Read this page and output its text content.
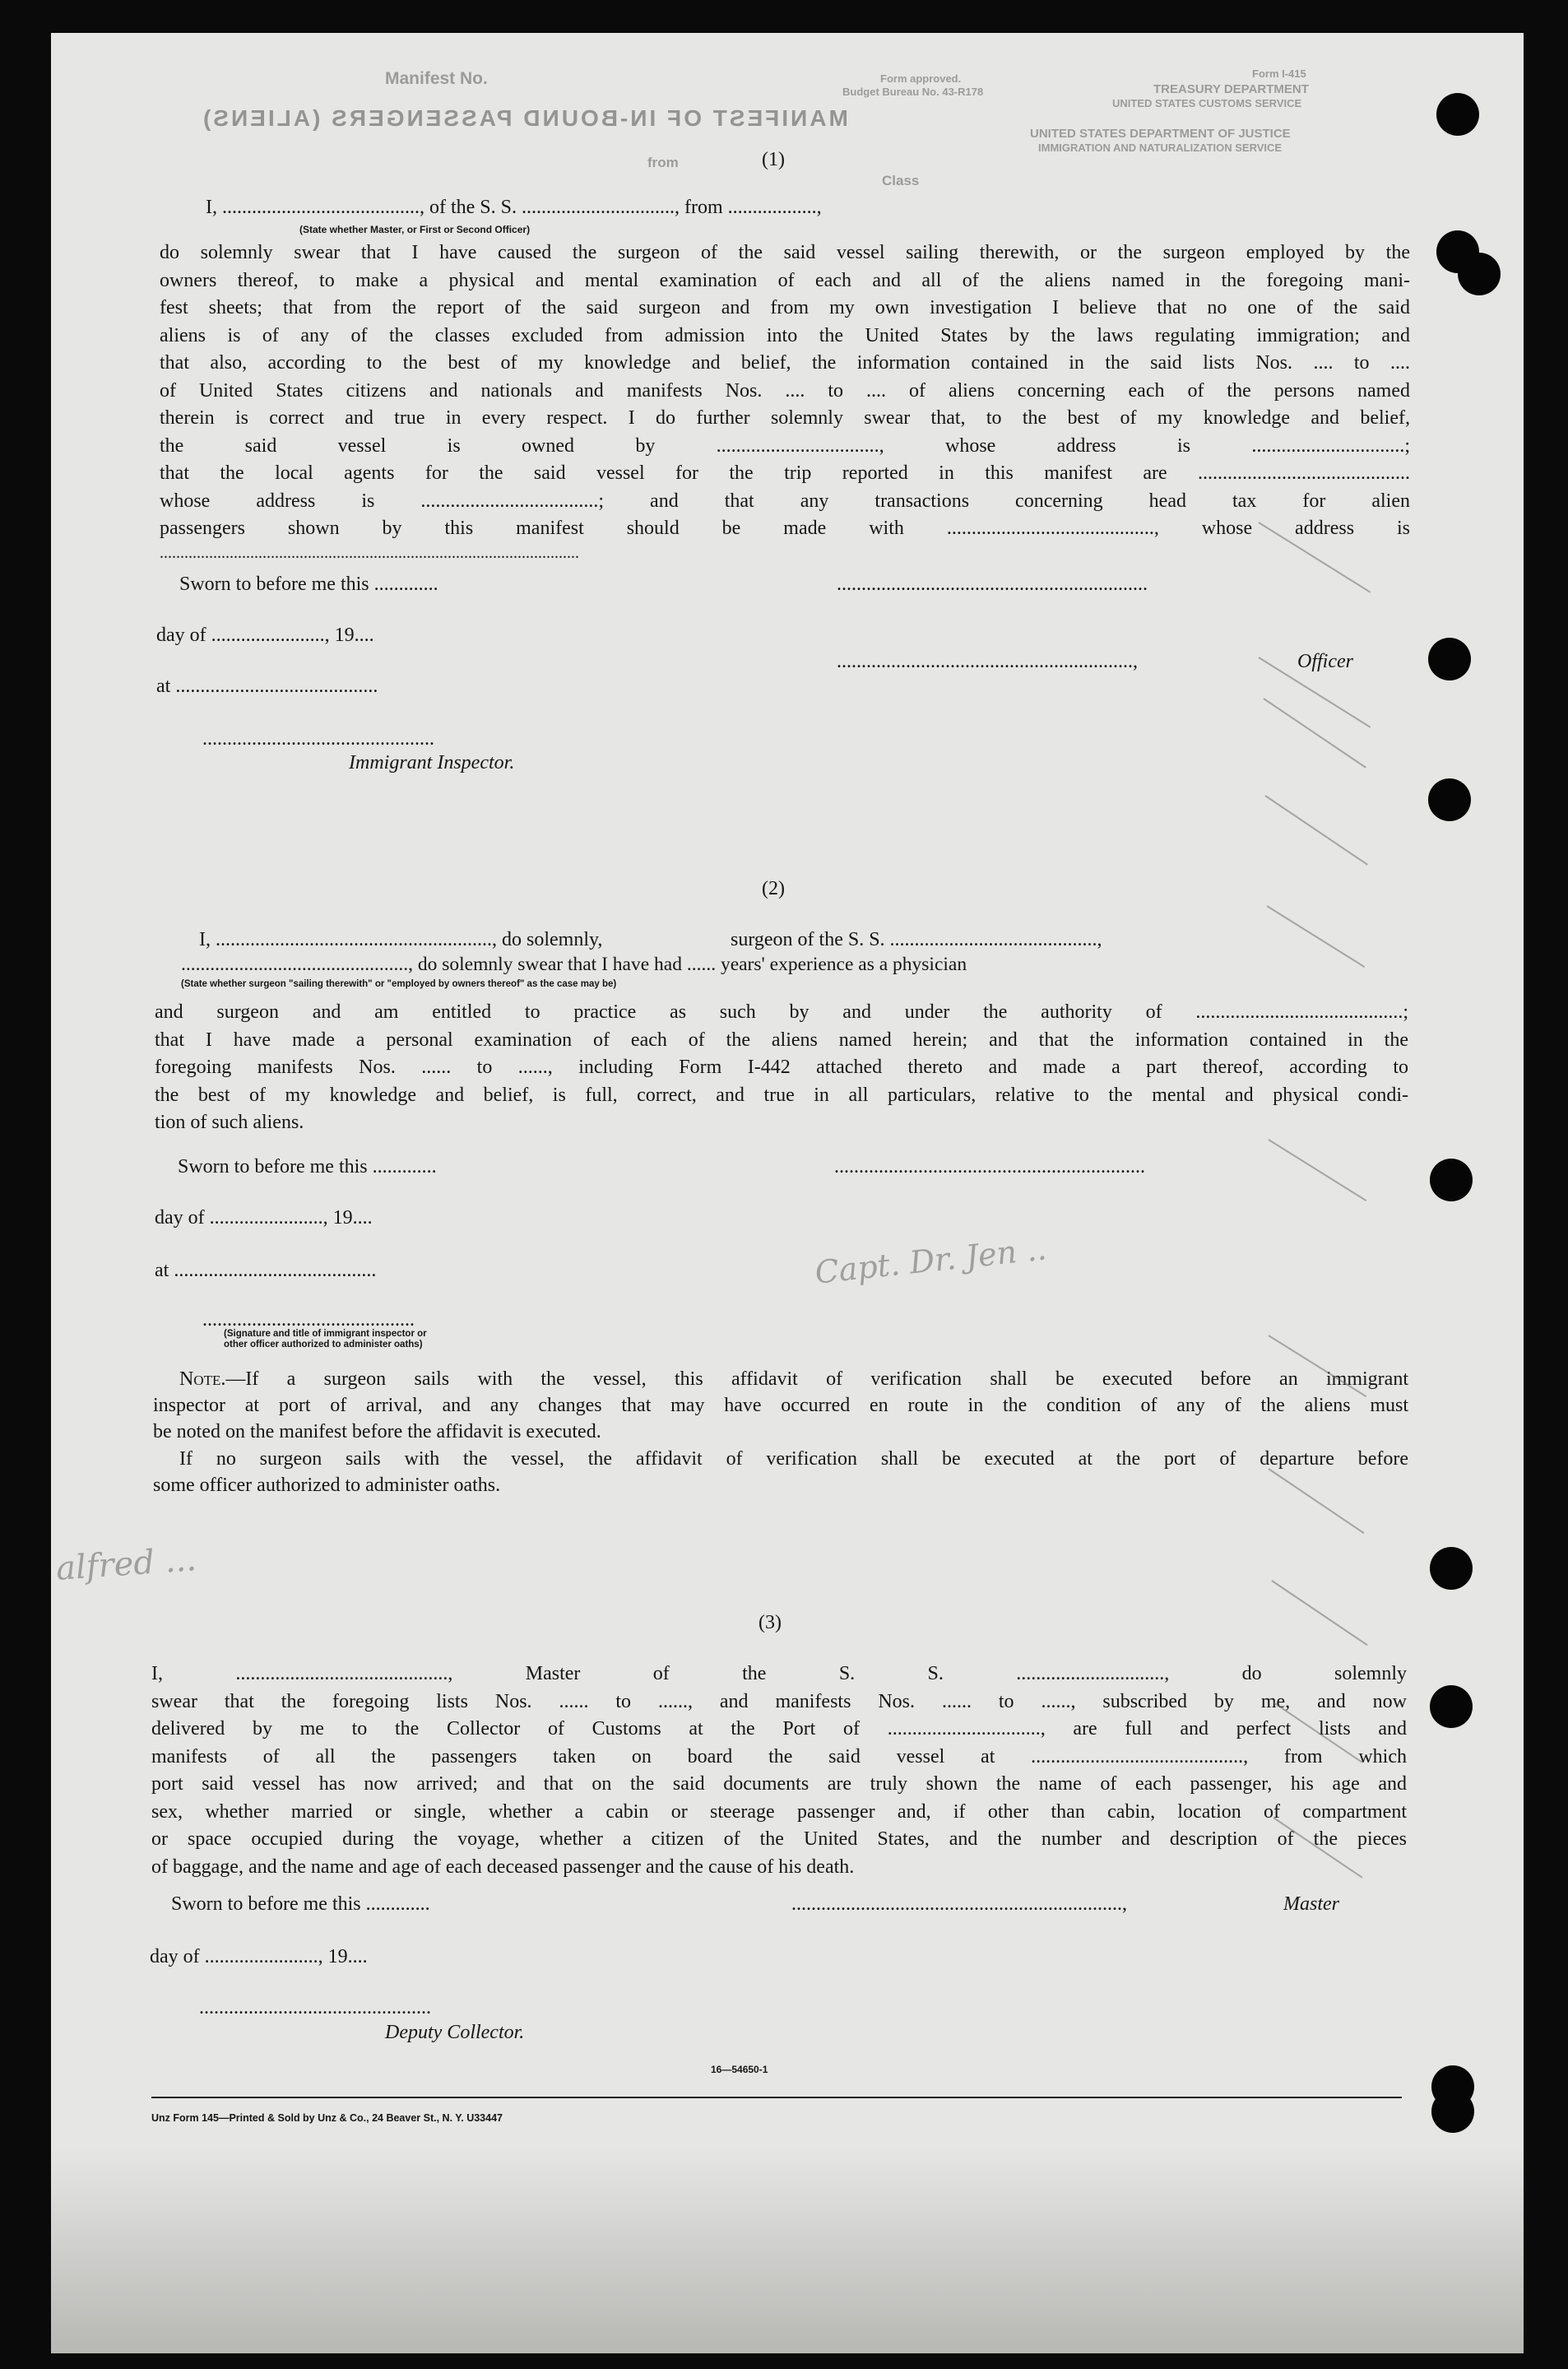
Manifest No.
MANIFEST OF IN-BOUND PASSENGERS (ALIENS)
Form approved.
Budget Bureau No. 43-R178
Form I-415
TREASURY DEPARTMENT
UNITED STATES CUSTOMS SERVICE
UNITED STATES DEPARTMENT OF JUSTICE
IMMIGRATION AND NATURALIZATION SERVICE
Class
from	(1)
I, ........................................, of the S. S. ..............................., from ..................,
(State whether Master, or First or Second Officer)
do solemnly swear that I have caused the surgeon of the said vessel sailing therewith, or the surgeon employed by the
owners thereof, to make a physical and mental examination of each and all of the aliens named in the foregoing mani-
fest sheets; that from the report of the said surgeon and from my own investigation I believe that no one of the said
aliens is of any of the classes excluded from admission into the United States by the laws regulating immigration; and
that also, according to the best of my knowledge and belief, the information contained in the said lists Nos. .... to ....
of United States citizens and nationals and manifests Nos. .... to .... of aliens concerning each of the persons named
therein is correct and true in every respect. I do further solemnly swear that, to the best of my knowledge and belief,
the said vessel is owned by ................................., whose address is ...............................;
that the local agents for the said vessel for the trip reported in this manifest are ...........................................
whose address is ....................................; and that any transactions concerning head tax for alien
passengers shown by this manifest should be made with .........................................., whose address is
......................................................................................................
Sworn to before me this .............	...............................................................
day of ......................., 19....
............................................................,	Officer
at .........................................
...............................................
Immigrant Inspector.
(2)
I, ........................................................, do solemnly,	surgeon of the S. S. ..........................................,
..............................................., do solemnly swear that I have had ...... years' experience as a physician
(State whether surgeon "sailing therewith" or "employed by owners thereof" as the case may be)
and surgeon and am entitled to practice as such by and under the authority of ..........................................;
that I have made a personal examination of each of the aliens named herein; and that the information contained in the
foregoing manifests Nos. ...... to ......, including Form I-442 attached thereto and made a part thereof, according to
the best of my knowledge and belief, is full, correct, and true in all particulars, relative to the mental and physical condi-
tion of such aliens.
Sworn to before me this .............	...............................................................
day of ......................., 19....
at .........................................
...........................................
(Signature and title of immigrant inspector or
other officer authorized to administer oaths)
Note.—If a surgeon sails with the vessel, this affidavit of verification shall be executed before an immigrant
inspector at port of arrival, and any changes that may have occurred en route in the condition of any of the aliens must
be noted on the manifest before the affidavit is executed.
If no surgeon sails with the vessel, the affidavit of verification shall be executed at the port of departure before
some officer authorized to administer oaths.
(3)
I, ..........................................., Master of the S. S. .............................., do solemnly
swear that the foregoing lists Nos. ...... to ......, and manifests Nos. ...... to ......, subscribed by me, and now
delivered by me to the Collector of Customs at the Port of ..............................., are full and perfect lists and
manifests of all the passengers taken on board the said vessel at ..........................................., from which
port said vessel has now arrived; and that on the said documents are truly shown the name of each passenger, his age and
sex, whether married or single, whether a cabin or steerage passenger and, if other than cabin, location of compartment
or space occupied during the voyage, whether a citizen of the United States, and the number and description of the pieces
of baggage, and the name and age of each deceased passenger and the cause of his death.
Sworn to before me this .............	...................................................................,	Master
day of ......................., 19....
...............................................
Deputy Collector.
16—54650-1
Unz Form 145—Printed & Sold by Unz & Co., 24 Beaver St., N. Y. U33447
Capt. Dr. Jen ..
alfred ...
